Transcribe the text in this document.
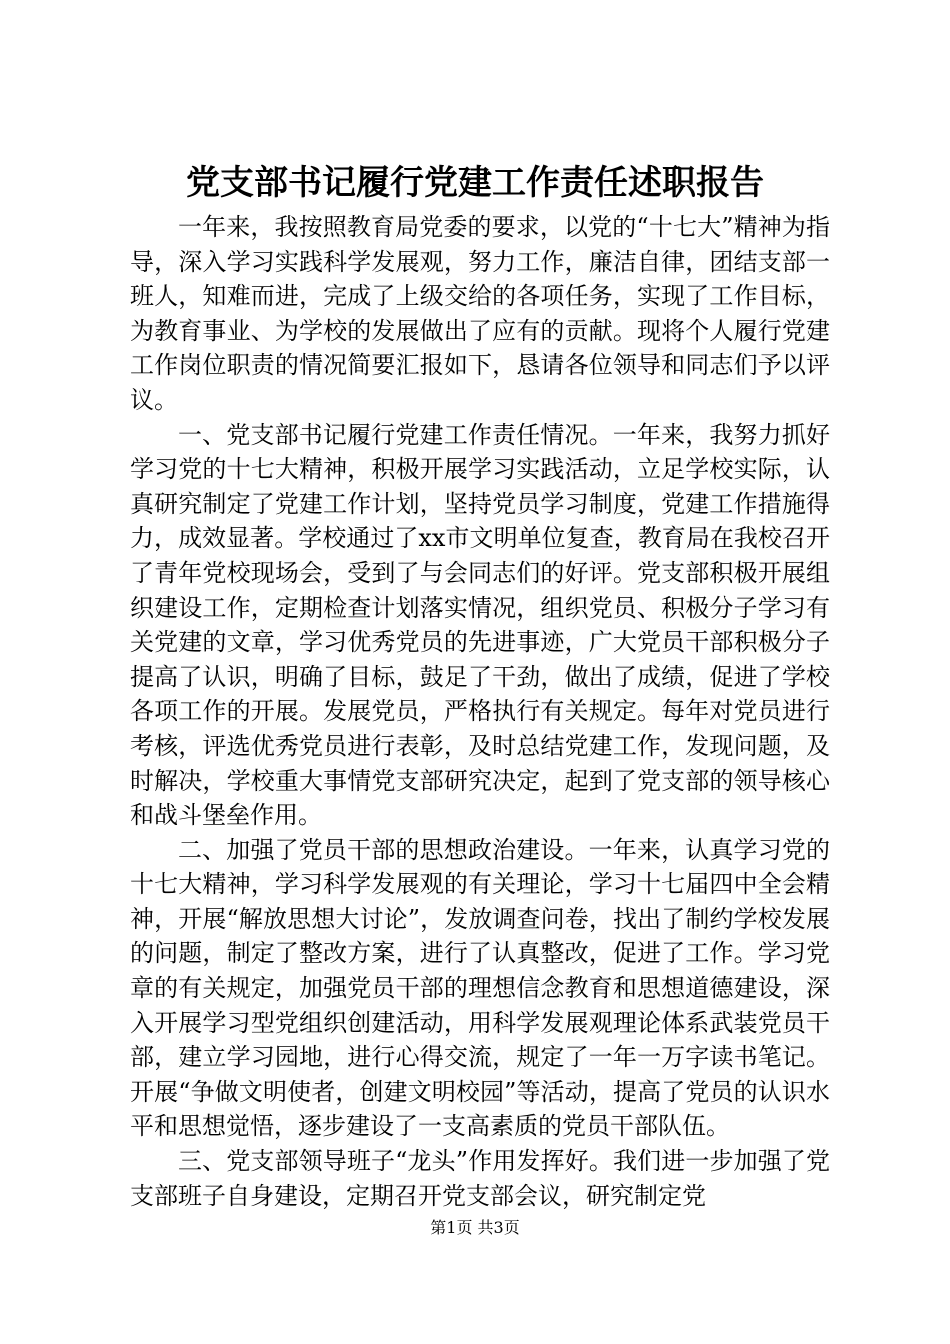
党支部书记履行党建工作责任述职报告

一年来，我按照教育局党委的要求，以党的“十七大”精神为指导，深入学习实践科学发展观，努力工作，廉洁自律，团结支部一班人，知难而进，完成了上级交给的各项任务，实现了工作目标，为教育事业、为学校的发展做出了应有的贡献。现将个人履行党建工作岗位职责的情况简要汇报如下，恳请各位领导和同志们予以评议。

一、党支部书记履行党建工作责任情况。一年来，我努力抓好学习党的十七大精神，积极开展学习实践活动，立足学校实际，认真研究制定了党建工作计划，坚持党员学习制度，党建工作措施得力，成效显著。学校通过了xx市文明单位复查，教育局在我校召开了青年党校现场会，受到了与会同志们的好评。党支部积极开展组织建设工作，定期检查计划落实情况，组织党员、积极分子学习有关党建的文章，学习优秀党员的先进事迹，广大党员干部积极分子提高了认识，明确了目标，鼓足了干劲，做出了成绩，促进了学校各项工作的开展。发展党员，严格执行有关规定。每年对党员进行考核，评选优秀党员进行表彰，及时总结党建工作，发现问题，及时解决，学校重大事情党支部研究决定，起到了党支部的领导核心和战斗堡垒作用。

二、加强了党员干部的思想政治建设。一年来，认真学习党的十七大精神，学习科学发展观的有关理论，学习十七届四中全会精神，开展“解放思想大讨论”，发放调查问卷，找出了制约学校发展的问题，制定了整改方案，进行了认真整改，促进了工作。学习党章的有关规定，加强党员干部的理想信念教育和思想道德建设，深入开展学习型党组织创建活动，用科学发展观理论体系武装党员干部，建立学习园地，进行心得交流，规定了一年一万字读书笔记。开展“争做文明使者，创建文明校园”等活动，提高了党员的认识水平和思想觉悟，逐步建设了一支高素质的党员干部队伍。

三、党支部领导班子“龙头”作用发挥好。我们进一步加强了党支部班子自身建设，定期召开党支部会议，研究制定党

第1页 共3页
